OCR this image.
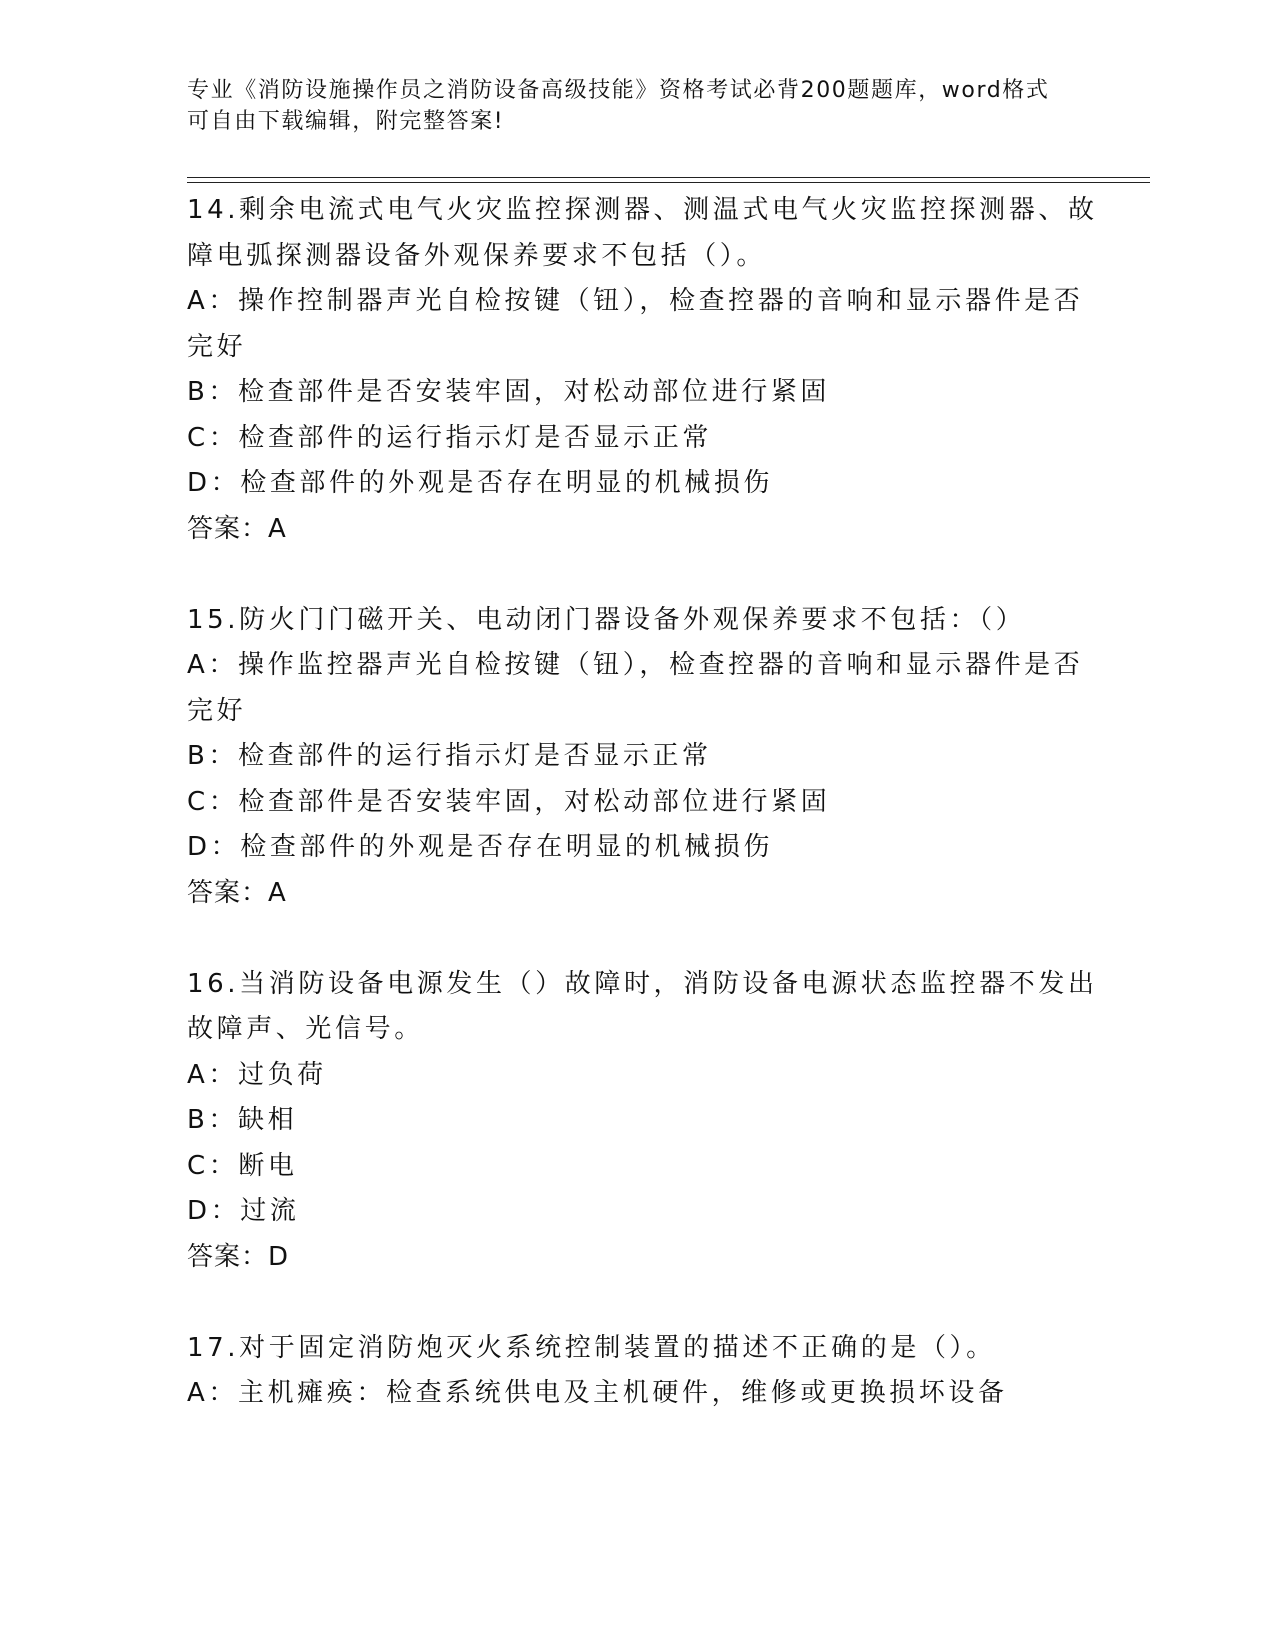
专业《消防设施操作员之消防设备高级技能》资格考试必背200题题库，word格式可自由下载编辑，附完整答案!
14.剩余电流式电气火灾监控探测器、测温式电气火灾监控探测器、故
障电弧探测器设备外观保养要求不包括（）。
A：操作控制器声光自检按键（钮），检查控器的音响和显示器件是否
完好
B：检查部件是否安装牢固，对松动部位进行紧固
C：检查部件的运行指示灯是否显示正常
D：检查部件的外观是否存在明显的机械损伤
答案：A
15.防火门门磁开关、电动闭门器设备外观保养要求不包括：（）
A：操作监控器声光自检按键（钮），检查控器的音响和显示器件是否
完好
B：检查部件的运行指示灯是否显示正常
C：检查部件是否安装牢固，对松动部位进行紧固
D：检查部件的外观是否存在明显的机械损伤
答案：A
16.当消防设备电源发生（）故障时，消防设备电源状态监控器不发出
故障声、光信号。
A：过负荷
B：缺相
C：断电
D：过流
答案：D
17.对于固定消防炮灭火系统控制装置的描述不正确的是（）。
A：主机瘫痪：检查系统供电及主机硬件，维修或更换损坏设备
